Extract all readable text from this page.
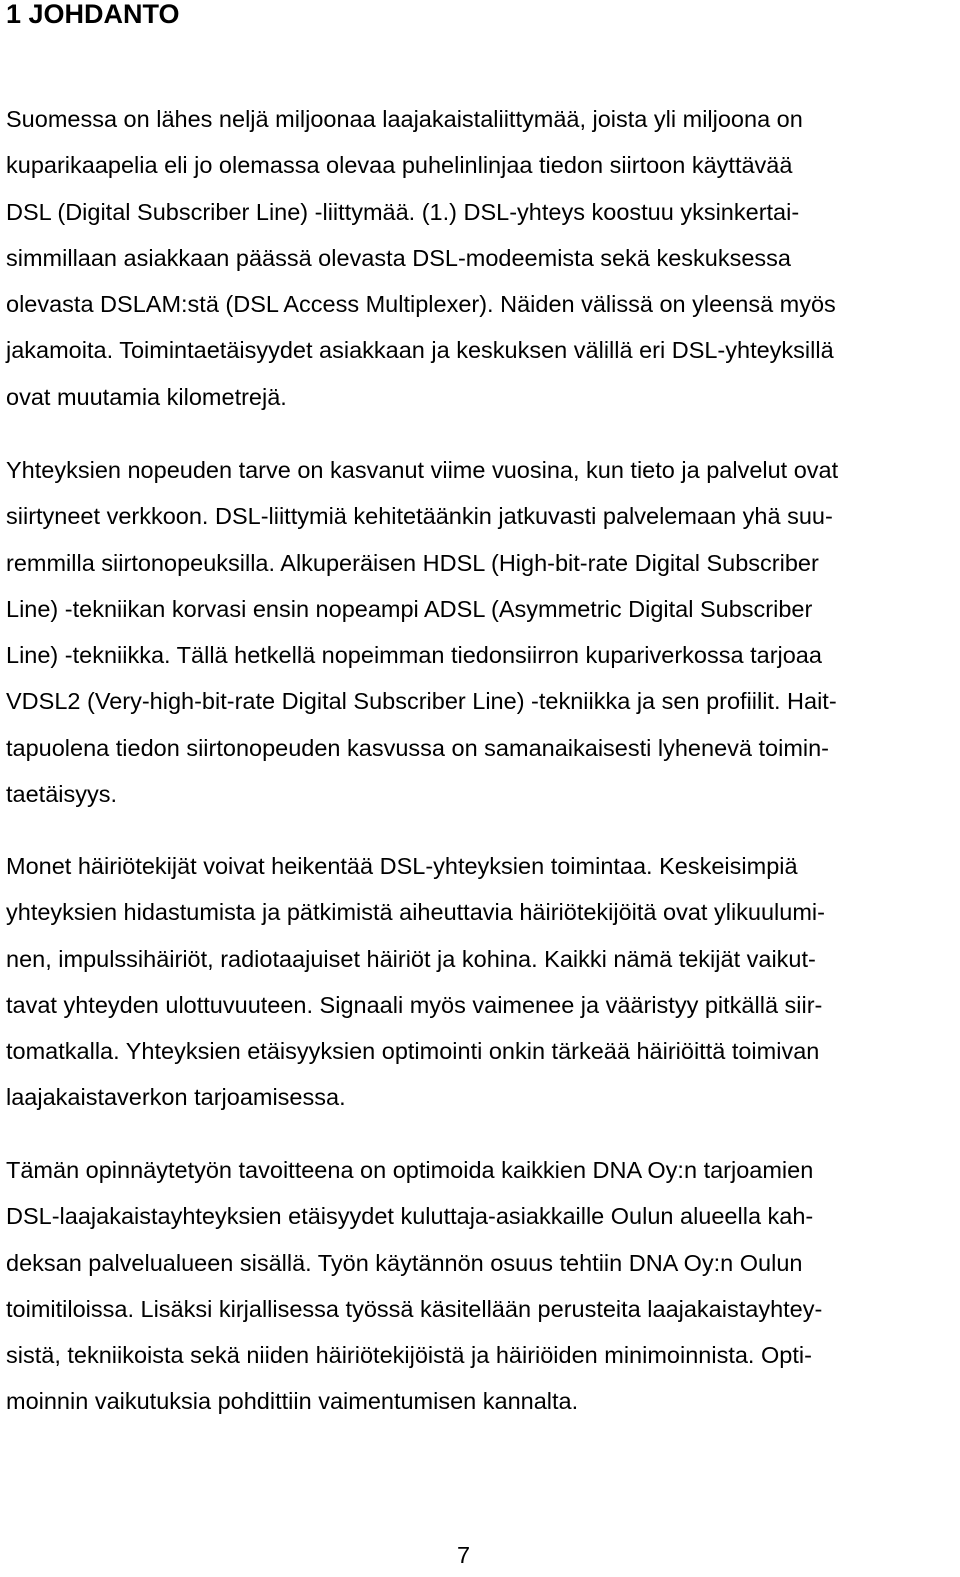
1 JOHDANTO

Suomessa on lähes neljä miljoonaa laajakaistaliittymää, joista yli miljoona on
kuparikaapelia eli jo olemassa olevaa puhelinlinjaa tiedon siirtoon käyttävää
DSL (Digital Subscriber Line) -liittymää. (1.) DSL-yhteys koostuu yksinkertai-
simmillaan asiakkaan päässä olevasta DSL-modeemista sekä keskuksessa
olevasta DSLAM:stä (DSL Access Multiplexer). Näiden välissä on yleensä myös
jakamoita. Toimintaetäisyydet asiakkaan ja keskuksen välillä eri DSL-yhteyksillä
ovat muutamia kilometrejä.

Yhteyksien nopeuden tarve on kasvanut viime vuosina, kun tieto ja palvelut ovat
siirtyneet verkkoon. DSL-liittymiä kehitetäänkin jatkuvasti palvelemaan yhä suu-
remmilla siirtonopeuksilla. Alkuperäisen HDSL (High-bit-rate Digital Subscriber
Line) -tekniikan korvasi ensin nopeampi ADSL (Asymmetric Digital Subscriber
Line) -tekniikka. Tällä hetkellä nopeimman tiedonsiirron kupariverkossa tarjoaa
VDSL2 (Very-high-bit-rate Digital Subscriber Line) -tekniikka ja sen profiilit. Hait-
tapuolena tiedon siirtonopeuden kasvussa on samanaikaisesti lyhenevä toimin-
taetäisyys.

Monet häiriötekijät voivat heikentää DSL-yhteyksien toimintaa. Keskeisimpiä
yhteyksien hidastumista ja pätkimistä aiheuttavia häiriötekijöitä ovat ylikuulumi-
nen, impulssihäiriöt, radiotaajuiset häiriöt ja kohina. Kaikki nämä tekijät vaikut-
tavat yhteyden ulottuvuuteen. Signaali myös vaimenee ja vääristyy pitkällä siir-
tomatkalla. Yhteyksien etäisyyksien optimointi onkin tärkeää häiriöittä toimivan
laajakaistaverkon tarjoamisessa.

Tämän opinnäytetyön tavoitteena on optimoida kaikkien DNA Oy:n tarjoamien
DSL-laajakaistayhteyksien etäisyydet kuluttaja-asiakkaille Oulun alueella kah-
deksan palvelualueen sisällä. Työn käytännön osuus tehtiin DNA Oy:n Oulun
toimitiloissa. Lisäksi kirjallisessa työssä käsitellään perusteita laajakaistayhtey-
sistä, tekniikoista sekä niiden häiriötekijöistä ja häiriöiden minimoinnista. Opti-
moinnin vaikutuksia pohdittiin vaimentumisen kannalta.

7
